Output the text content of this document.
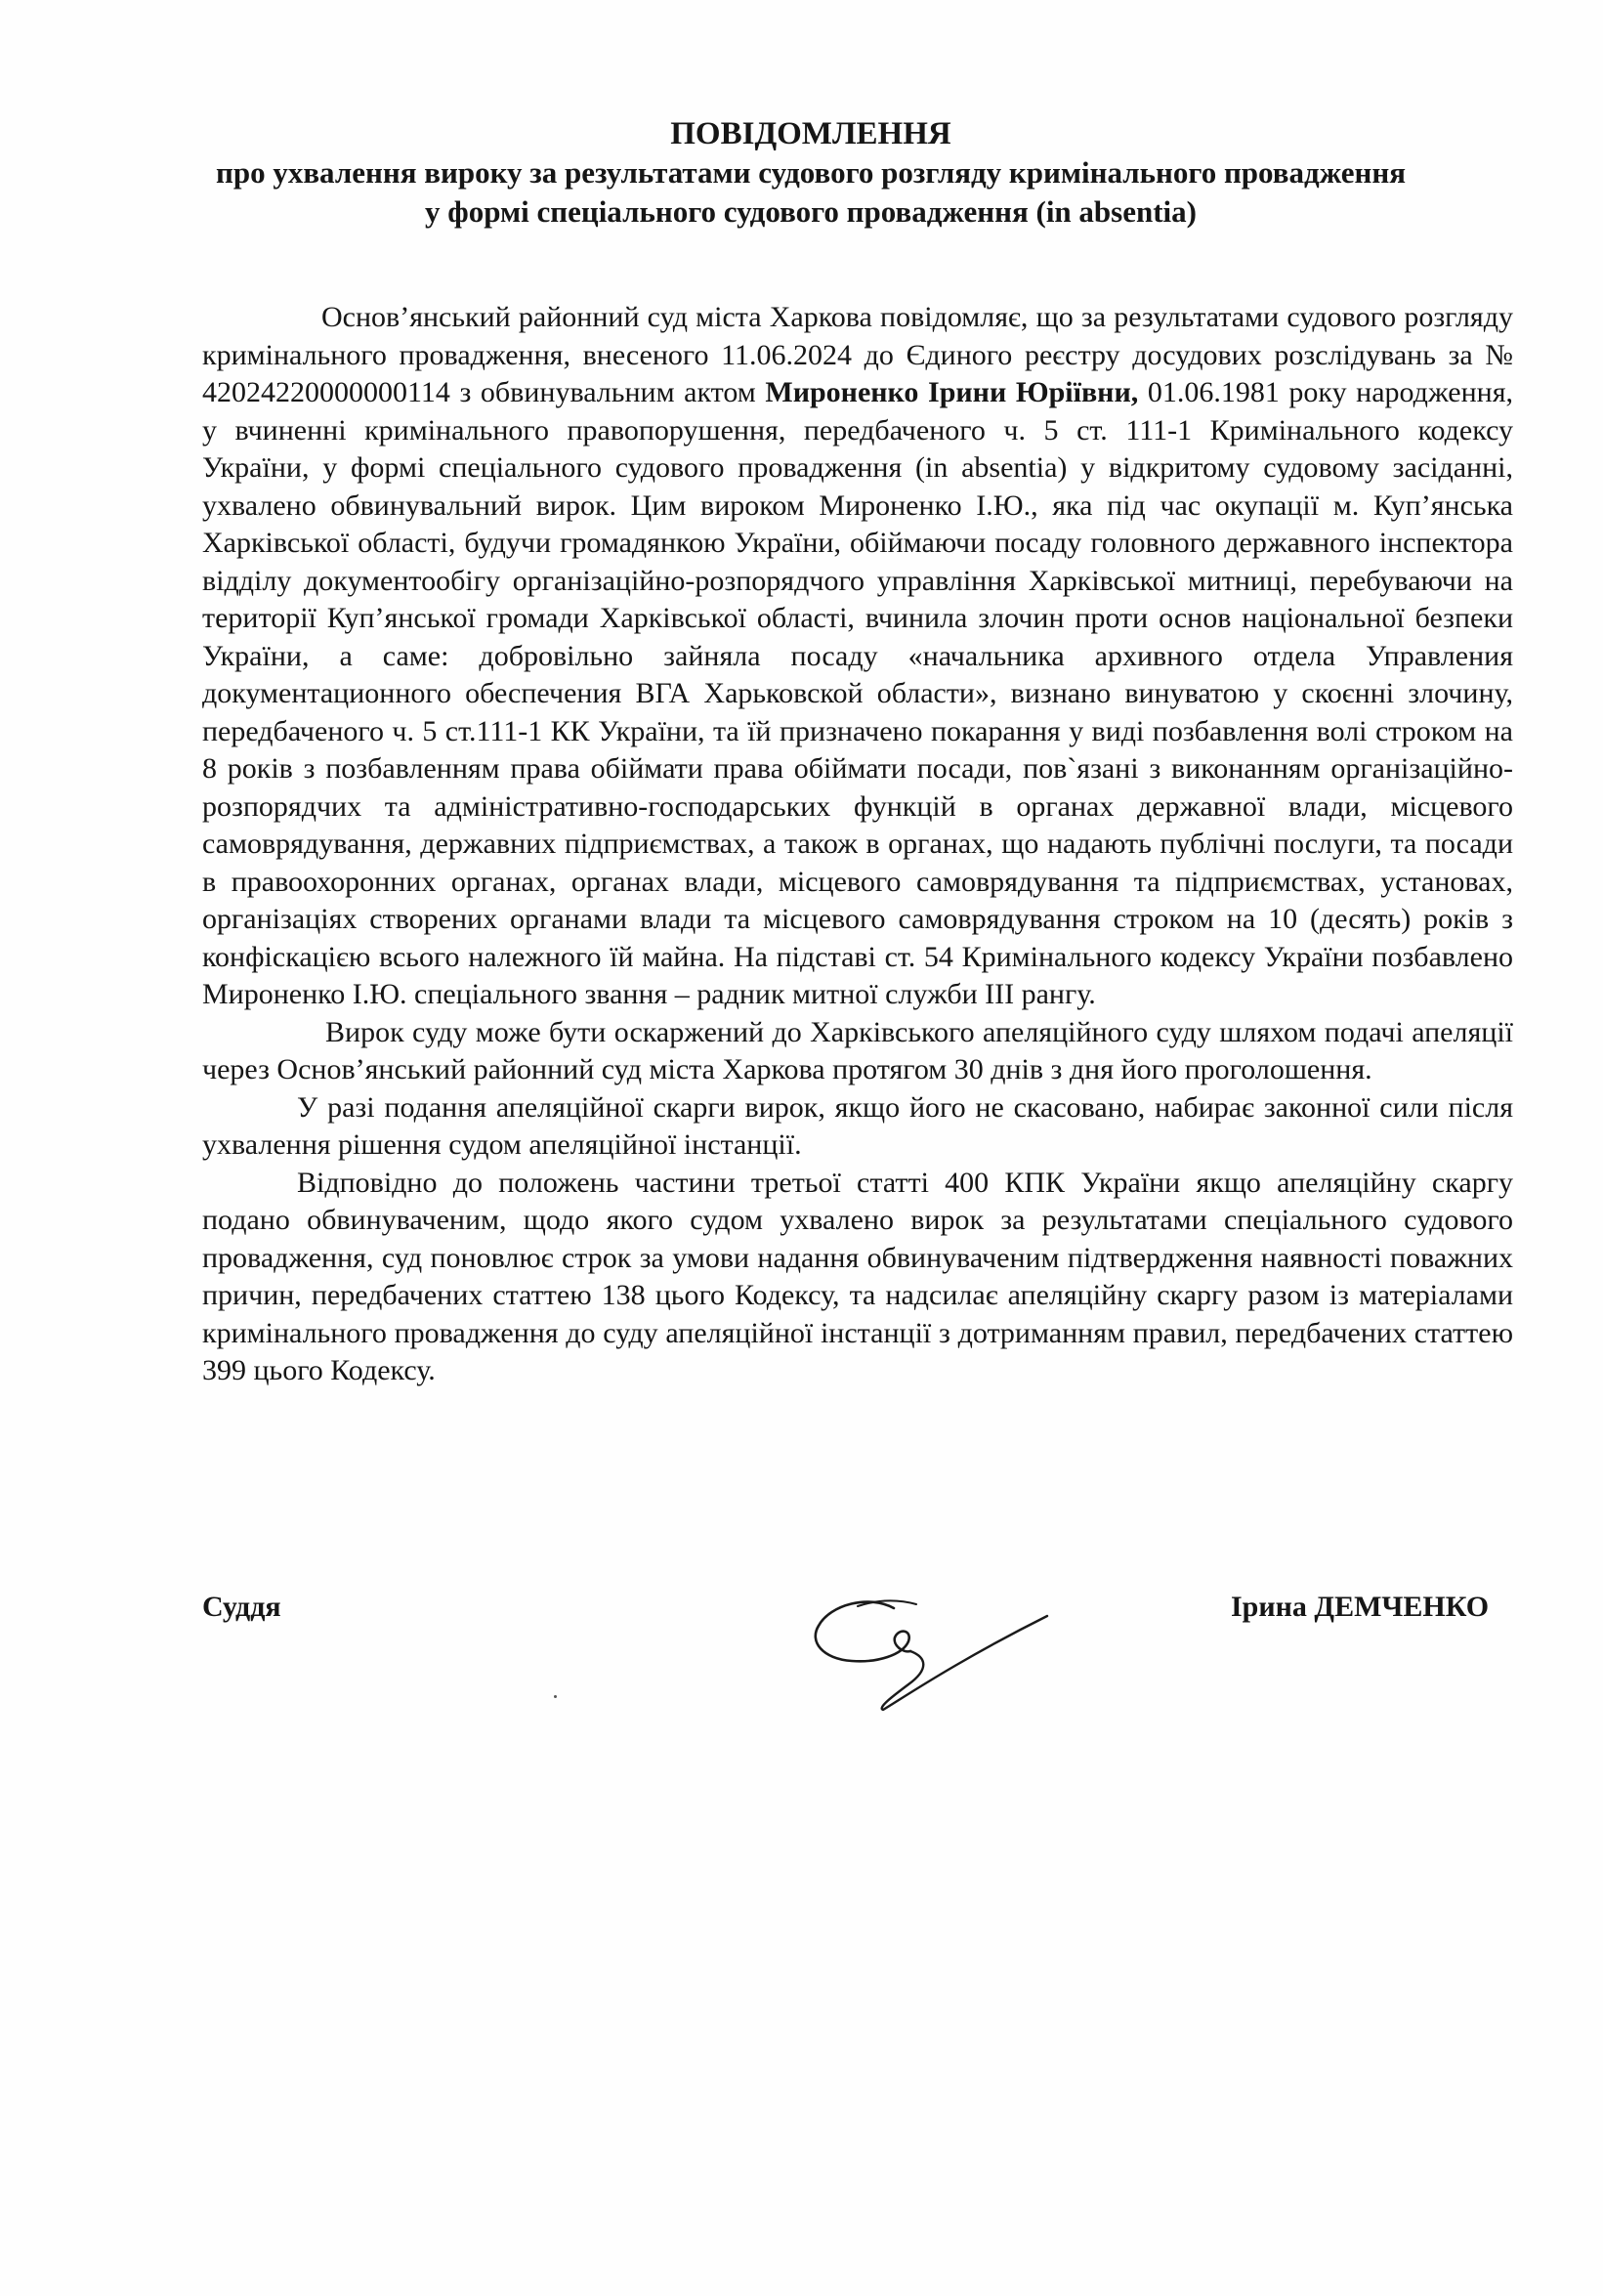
ПОВІДОМЛЕННЯ
про ухвалення вироку за результатами судового розгляду кримінального провадження
у формі спеціального судового провадження (in absentia)

Основ’янський районний суд міста Харкова повідомляє, що за результатами судового розгляду кримінального провадження, внесеного 11.06.2024 до Єдиного реєстру досудових розслідувань за № 42024220000000114 з обвинувальним актом Мироненко Ірини Юріївни, 01.06.1981 року народження, у вчиненні кримінального правопорушення, передбаченого ч. 5 ст. 111-1 Кримінального кодексу України, у формі спеціального судового провадження (in absentia) у відкритому судовому засіданні, ухвалено обвинувальний вирок. Цим вироком Мироненко І.Ю., яка під час окупації м. Куп’янська Харківської області, будучи громадянкою України, обіймаючи посаду головного державного інспектора відділу документообігу організаційно-розпорядчого управління Харківської митниці, перебуваючи на території Куп’янської громади Харківської області, вчинила злочин проти основ національної безпеки України, а саме: добровільно зайняла посаду «начальника архивного отдела Управления документационного обеспечения ВГА Харьковской области», визнано винуватою у скоєнні злочину, передбаченого ч. 5 ст.111-1 КК України, та їй призначено покарання у виді позбавлення волі строком на 8 років з позбавленням права обіймати права обіймати посади, пов`язані з виконанням організаційно-розпорядчих та адміністративно-господарських функцій в органах державної влади, місцевого самоврядування, державних підприємствах, а також в органах, що надають публічні послуги, та посади в правоохоронних органах, органах влади, місцевого самоврядування та підприємствах, установах, організаціях створених органами влади та місцевого самоврядування строком на 10 (десять) років з конфіскацією всього належного їй майна. На підставі ст. 54 Кримінального кодексу України позбавлено Мироненко І.Ю. спеціального звання – радник митної служби ІІІ рангу.

Вирок суду може бути оскаржений до Харківського апеляційного суду шляхом подачі апеляції через Основ’янський районний суд міста Харкова протягом 30 днів з дня його проголошення.

У разі подання апеляційної скарги вирок, якщо його не скасовано, набирає законної сили після ухвалення рішення судом апеляційної інстанції.

Відповідно до положень частини третьої статті 400 КПК України якщо апеляційну скаргу подано обвинуваченим, щодо якого судом ухвалено вирок за результатами спеціального судового провадження, суд поновлює строк за умови надання обвинуваченим підтвердження наявності поважних причин, передбачених статтею 138 цього Кодексу, та надсилає апеляційну скаргу разом із матеріалами кримінального провадження до суду апеляційної інстанції з дотриманням правил, передбачених статтею 399 цього Кодексу.

Суддя	Ірина ДЕМЧЕНКО
